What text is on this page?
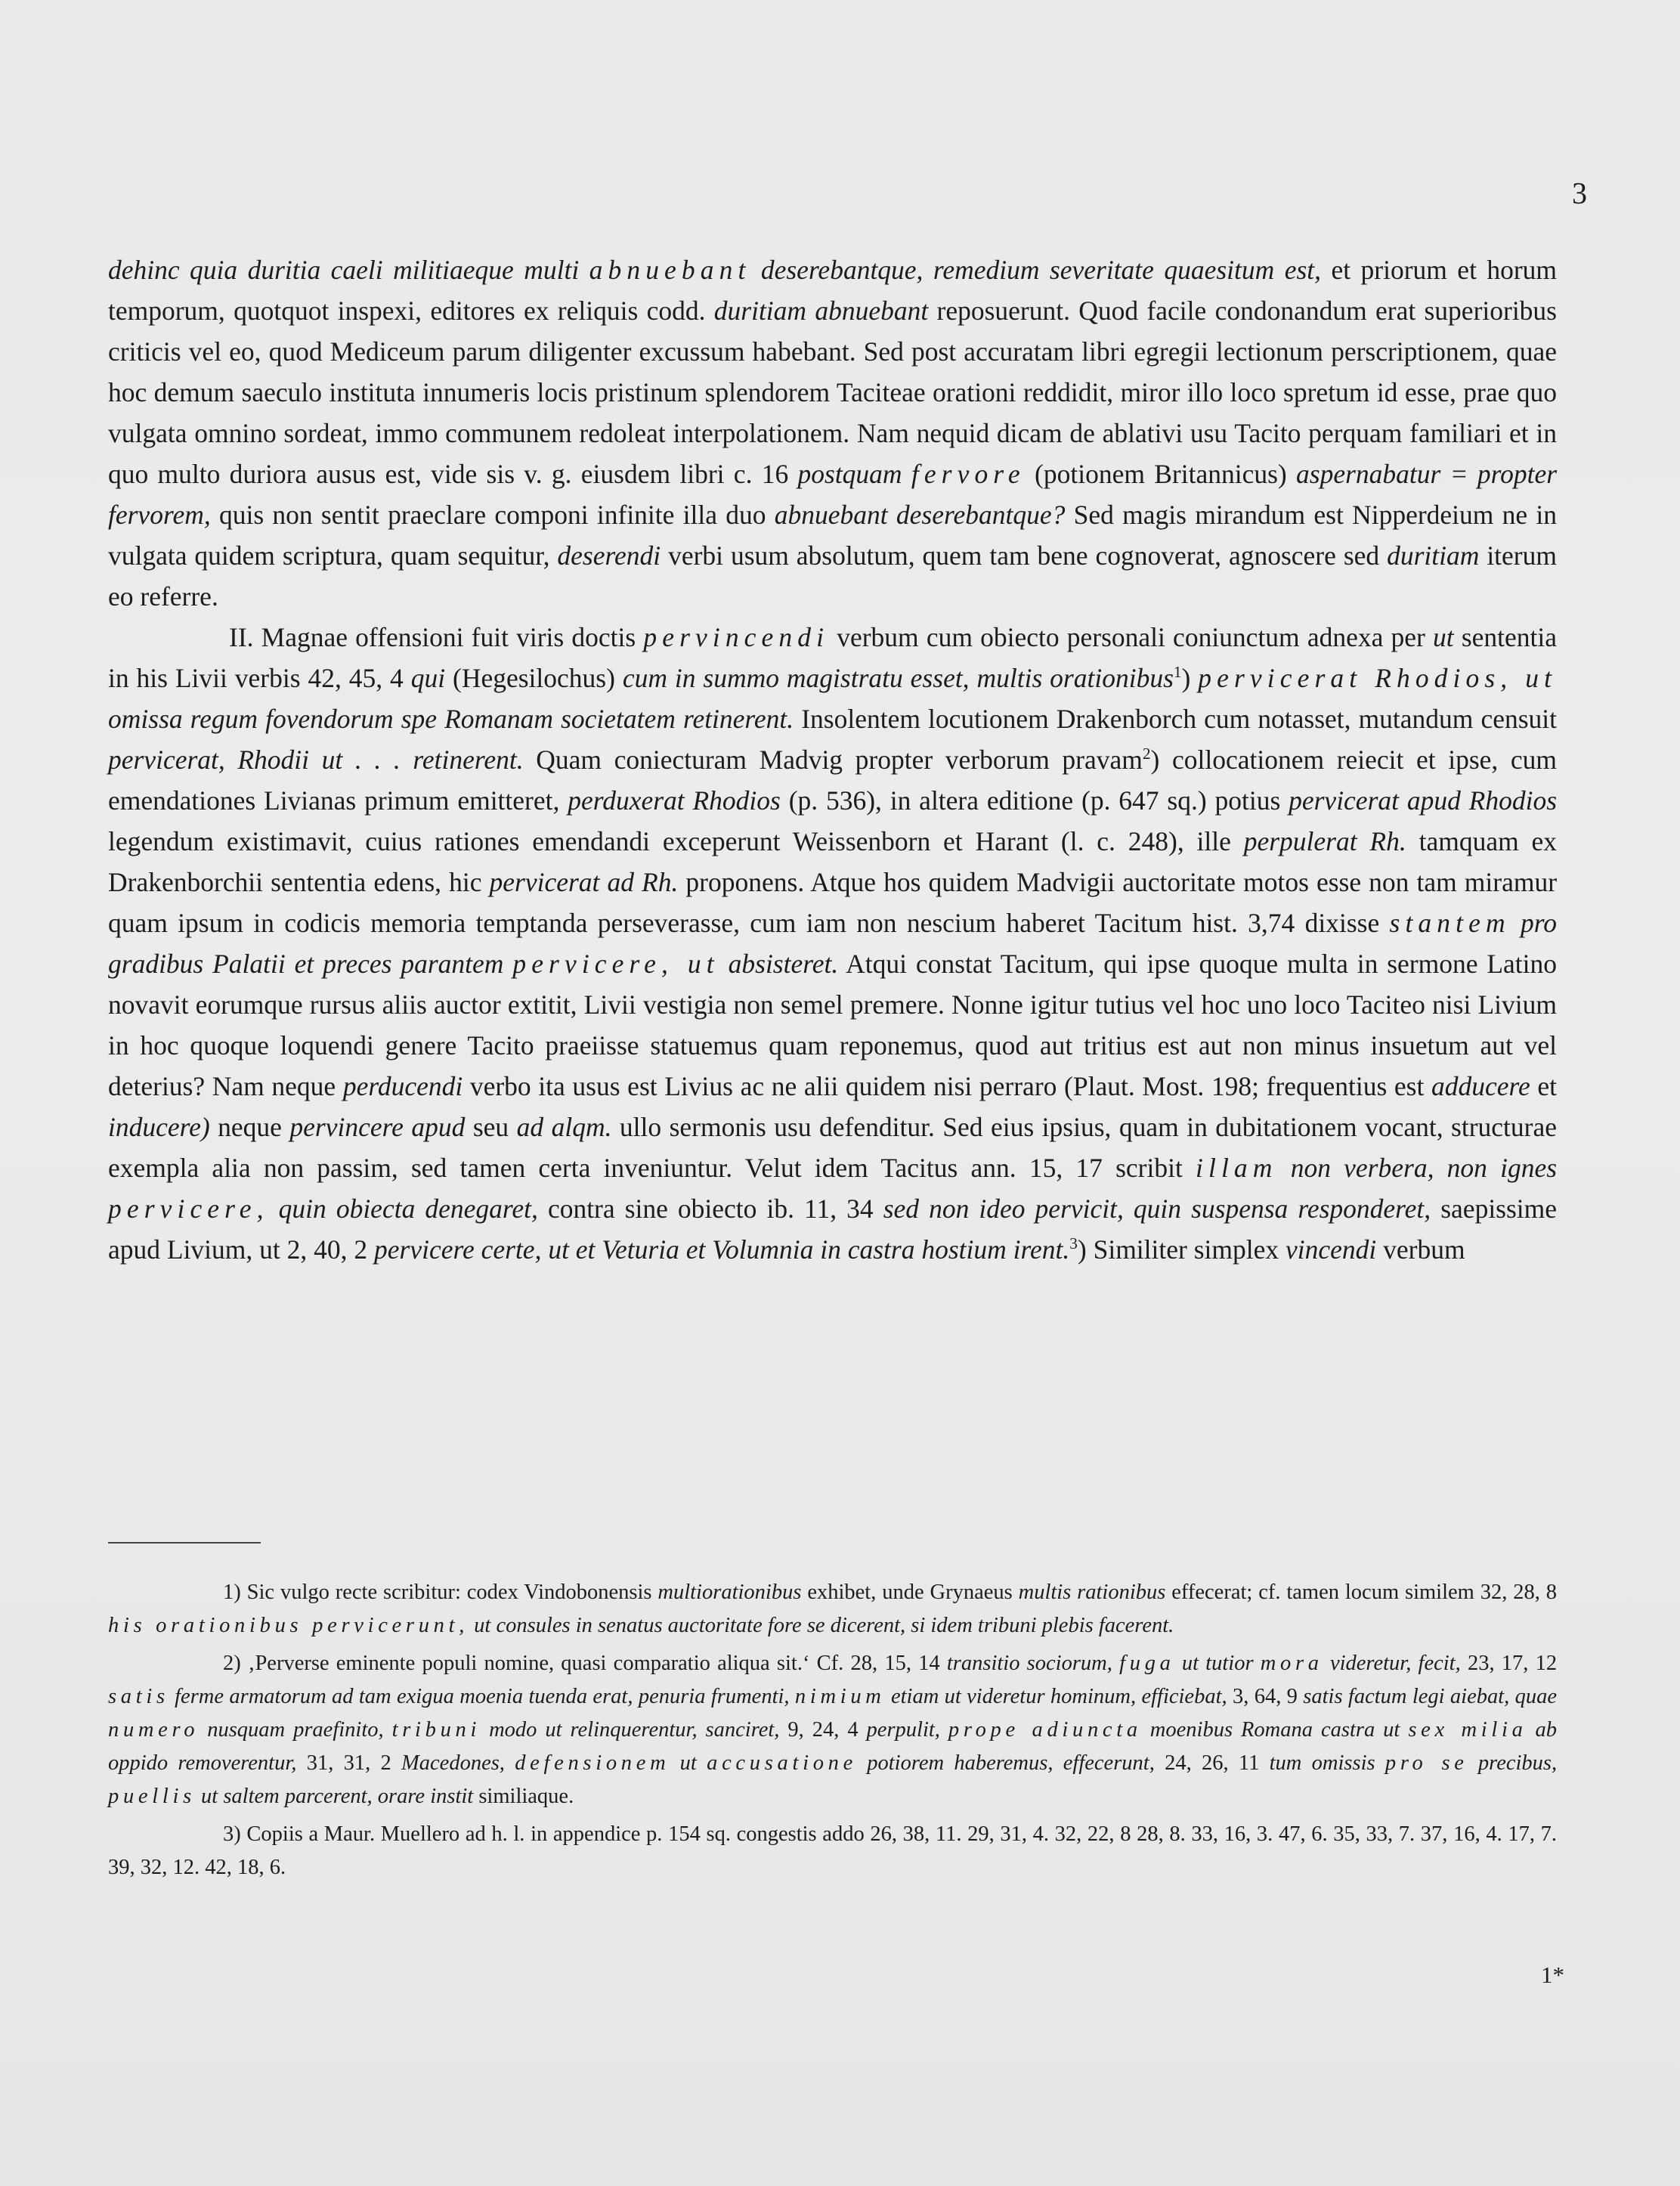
3

dehinc quia duritia caeli militiaeque multi abnuebant deserebantque, remedium severitate quaesitum est, et priorum et horum temporum, quotquot inspexi, editores ex reliquis codd. duritiam abnuebant reposuerunt. Quod facile condonandum erat superioribus criticis vel eo, quod Mediceum parum diligenter excussum habebant. Sed post accuratam libri egregii lectionum perscriptionem, quae hoc demum saeculo instituta innumeris locis pristinum splendorem Taciteae orationi reddidit, miror illo loco spretum id esse, prae quo vulgata omnino sordeat, immo communem redoleat interpolationem. Nam nequid dicam de ablativi usu Tacito perquam familiari et in quo multo duriora ausus est, vide sis v. g. eiusdem libri c. 16 postquam fervore (potionem Britannicus) aspernabatur = propter fervorem, quis non sentit praeclare componi infinite illa duo abnuebant deserebantque? Sed magis mirandum est Nipperdeium ne in vulgata quidem scriptura, quam sequitur, deserendi verbi usum absolutum, quem tam bene cognoverat, agnoscere sed duritiam iterum eo referre.

II. Magnae offensioni fuit viris doctis pervincendi verbum cum obiecto personali coniunctum adnexa per ut sententia in his Livii verbis 42, 45, 4 qui (Hegesilochus) cum in summo magistratu esset, multis orationibus$^1$) pervicerat Rhodios, ut omissa regum fovendorum spe Romanam societatem retinerent. Insolentem locutionem Drakenborch cum notasset, mutandum censuit pervicerat, Rhodii ut . . . retinerent. Quam coniecturam Madvig propter verborum pravam$^2$) collocationem reiecit et ipse, cum emendationes Livianas primum emitteret, perduxerat Rhodios (p. 536), in altera editione (p. 647 sq.) potius pervicerat apud Rhodios legendum existimavit, cuius rationes emendandi exceperunt Weissenborn et Harant (l. c. 248), ille perpulerat Rh. tamquam ex Drakenborchii sententia edens, hic pervicerat ad Rh. proponens. Atque hos quidem Madvigii auctoritate motos esse non tam miramur quam ipsum in codicis memoria temptanda perseverasse, cum iam non nescium haberet Tacitum hist. 3,74 dixisse stantem pro gradibus Palatii et preces parantem pervicere, ut absisteret. Atqui constat Tacitum, qui ipse quoque multa in sermone Latino novavit eorumque rursus aliis auctor extitit, Livii vestigia non semel premere. Nonne igitur tutius vel hoc uno loco Taciteo nisi Livium in hoc quoque loquendi genere Tacito praeiisse statuemus quam reponemus, quod aut tritius est aut non minus insuetum aut vel deterius? Nam neque perducendi verbo ita usus est Livius ac ne alii quidem nisi perraro (Plaut. Most. 198; frequentius est adducere et inducere) neque pervincere apud seu ad alqm. ullo sermonis usu defenditur. Sed eius ipsius, quam in dubitationem vocant, structurae exempla alia non passim, sed tamen certa inveniuntur. Velut idem Tacitus ann. 15, 17 scribit illam non verbera, non ignes pervicere, quin obiecta denegaret, contra sine obiecto ib. 11, 34 sed non ideo pervicit, quin suspensa responderet, saepissime apud Livium, ut 2, 40, 2 pervicere certe, ut et Veturia et Volumnia in castra hostium irent.$^3$) Similiter simplex vincendi verbum

1) Sic vulgo recte scribitur: codex Vindobonensis multiorationibus exhibet, unde Grynaeus multis rationibus effecerat; cf. tamen locum similem 32, 28, 8 his orationibus pervicerunt, ut consules in senatus auctoritate fore se dicerent, si idem tribuni plebis facerent.

2) ‚Perverse eminente populi nomine, quasi comparatio aliqua sit.‘ Cf. 28, 15, 14 transitio sociorum, fuga ut tutior mora videretur, fecit, 23, 17, 12 satis ferme armatorum ad tam exigua moenia tuenda erat, penuria frumenti, nimium etiam ut videretur hominum, efficiebat, 3, 64, 9 satis factum legi aiebat, quae numero nusquam praefinito, tribuni modo ut relinquerentur, sanciret, 9, 24, 4 perpulit, prope adiuncta moenibus Romana castra ut sex milia ab oppido removerentur, 31, 31, 2 Macedones, defensionem ut accusatione potiorem haberemus, effecerunt, 24, 26, 11 tum omissis pro se precibus, puellis ut saltem parcerent, orare instit similiaque.

3) Copiis a Maur. Muellero ad h. l. in appendice p. 154 sq. congestis addo 26, 38, 11. 29, 31, 4. 32, 22, 8 28, 8. 33, 16, 3. 47, 6. 35, 33, 7. 37, 16, 4. 17, 7. 39, 32, 12. 42, 18, 6.

1*
